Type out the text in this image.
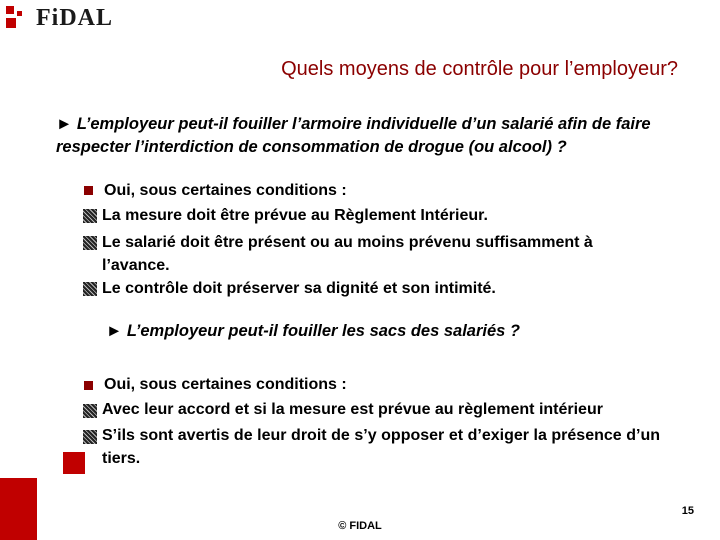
FiDAL
Quels moyens de contrôle pour l’employeur?
► L’employeur peut-il fouiller l’armoire individuelle d’un salarié afin de faire respecter l’interdiction de consommation de drogue (ou alcool) ?
Oui, sous certaines conditions :
La mesure doit être prévue au Règlement Intérieur.
Le salarié doit être présent ou au moins prévenu suffisamment à l’avance.
Le contrôle doit préserver sa dignité et son intimité.
► L’employeur peut-il fouiller les sacs des salariés ?
Oui, sous certaines conditions :
Avec leur accord et si la mesure est prévue au règlement intérieur
S’ils sont avertis de leur droit de s’y opposer et d’exiger la présence d’un tiers.
15
© FIDAL
